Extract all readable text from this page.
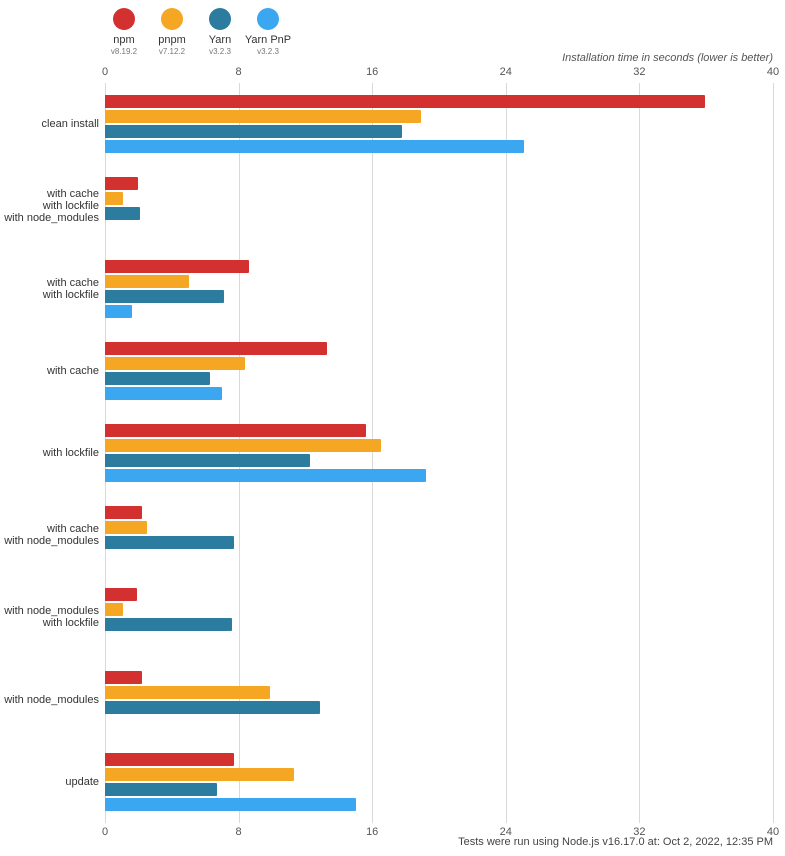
npm
v8.19.2
pnpm
v7.12.2
Yarn
v3.2.3
Yarn PnP
v3.2.3
Installation time in seconds (lower is better)
0	8	16	24	32	40
clean install
with cache
with lockfile
with node_modules
with cache
with lockfile
with cache
with lockfile
with cache
with node_modules
with node_modules
with lockfile
with node_modules
update
0	8	16	24	32	40
Tests were run using Node.js v16.17.0 at: Oct 2, 2022, 12:35 PM
